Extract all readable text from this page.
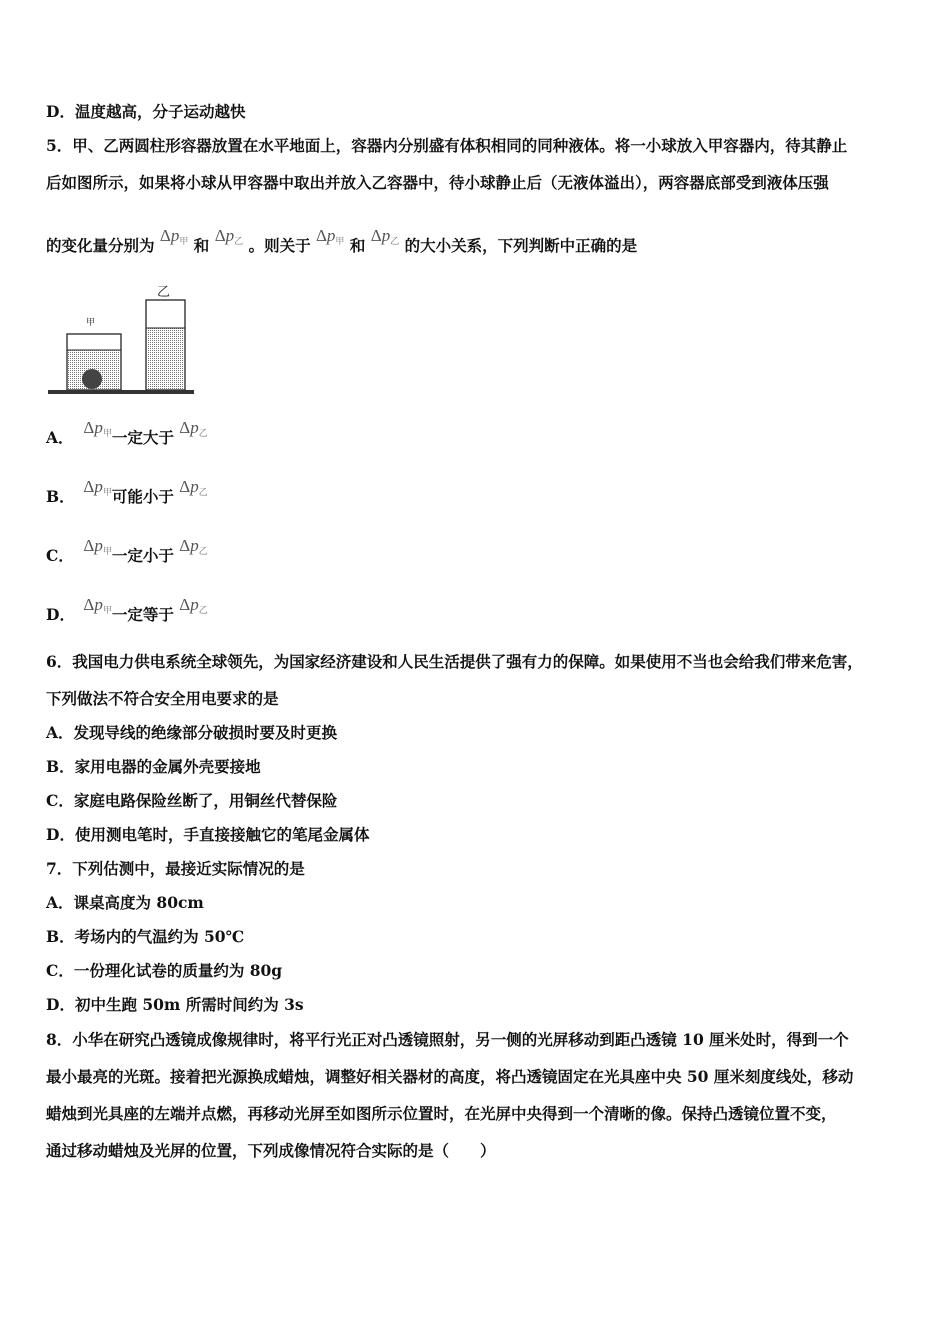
D．温度越高，分子运动越快
5．甲、乙两圆柱形容器放置在水平地面上，容器内分别盛有体积相同的同种液体。将一小球放入甲容器内，待其静止
后如图所示，如果将小球从甲容器中取出并放入乙容器中，待小球静止后（无液体溢出），两容器底部受到液体压强
的变化量分别为 $\Delta p_甲$ 和 $\Delta p_乙$ 。则关于 $\Delta p_甲$ 和 $\Delta p_乙$ 的大小关系，下列判断中正确的是
乙
甲
A． $\Delta p_甲$一定大于 $\Delta p_乙$
B． $\Delta p_甲$可能小于 $\Delta p_乙$
C． $\Delta p_甲$一定小于 $\Delta p_乙$
D． $\Delta p_甲$一定等于 $\Delta p_乙$
6．我国电力供电系统全球领先，为国家经济建设和人民生活提供了强有力的保障。如果使用不当也会给我们带来危害，
下列做法不符合安全用电要求的是
A．发现导线的绝缘部分破损时要及时更换
B．家用电器的金属外壳要接地
C．家庭电路保险丝断了，用铜丝代替保险
D．使用测电笔时，手直接接触它的笔尾金属体
7．下列估测中，最接近实际情况的是
A．课桌高度为 80cm
B．考场内的气温约为 50℃
C．一份理化试卷的质量约为 80g
D．初中生跑 50m 所需时间约为 3s
8．小华在研究凸透镜成像规律时，将平行光正对凸透镜照射，另一侧的光屏移动到距凸透镜 10 厘米处时，得到一个
最小最亮的光斑。接着把光源换成蜡烛，调整好相关器材的高度，将凸透镜固定在光具座中央 50 厘米刻度线处，移动
蜡烛到光具座的左端并点燃，再移动光屏至如图所示位置时，在光屏中央得到一个清晰的像。保持凸透镜位置不变，
通过移动蜡烛及光屏的位置，下列成像情况符合实际的是（　　）
